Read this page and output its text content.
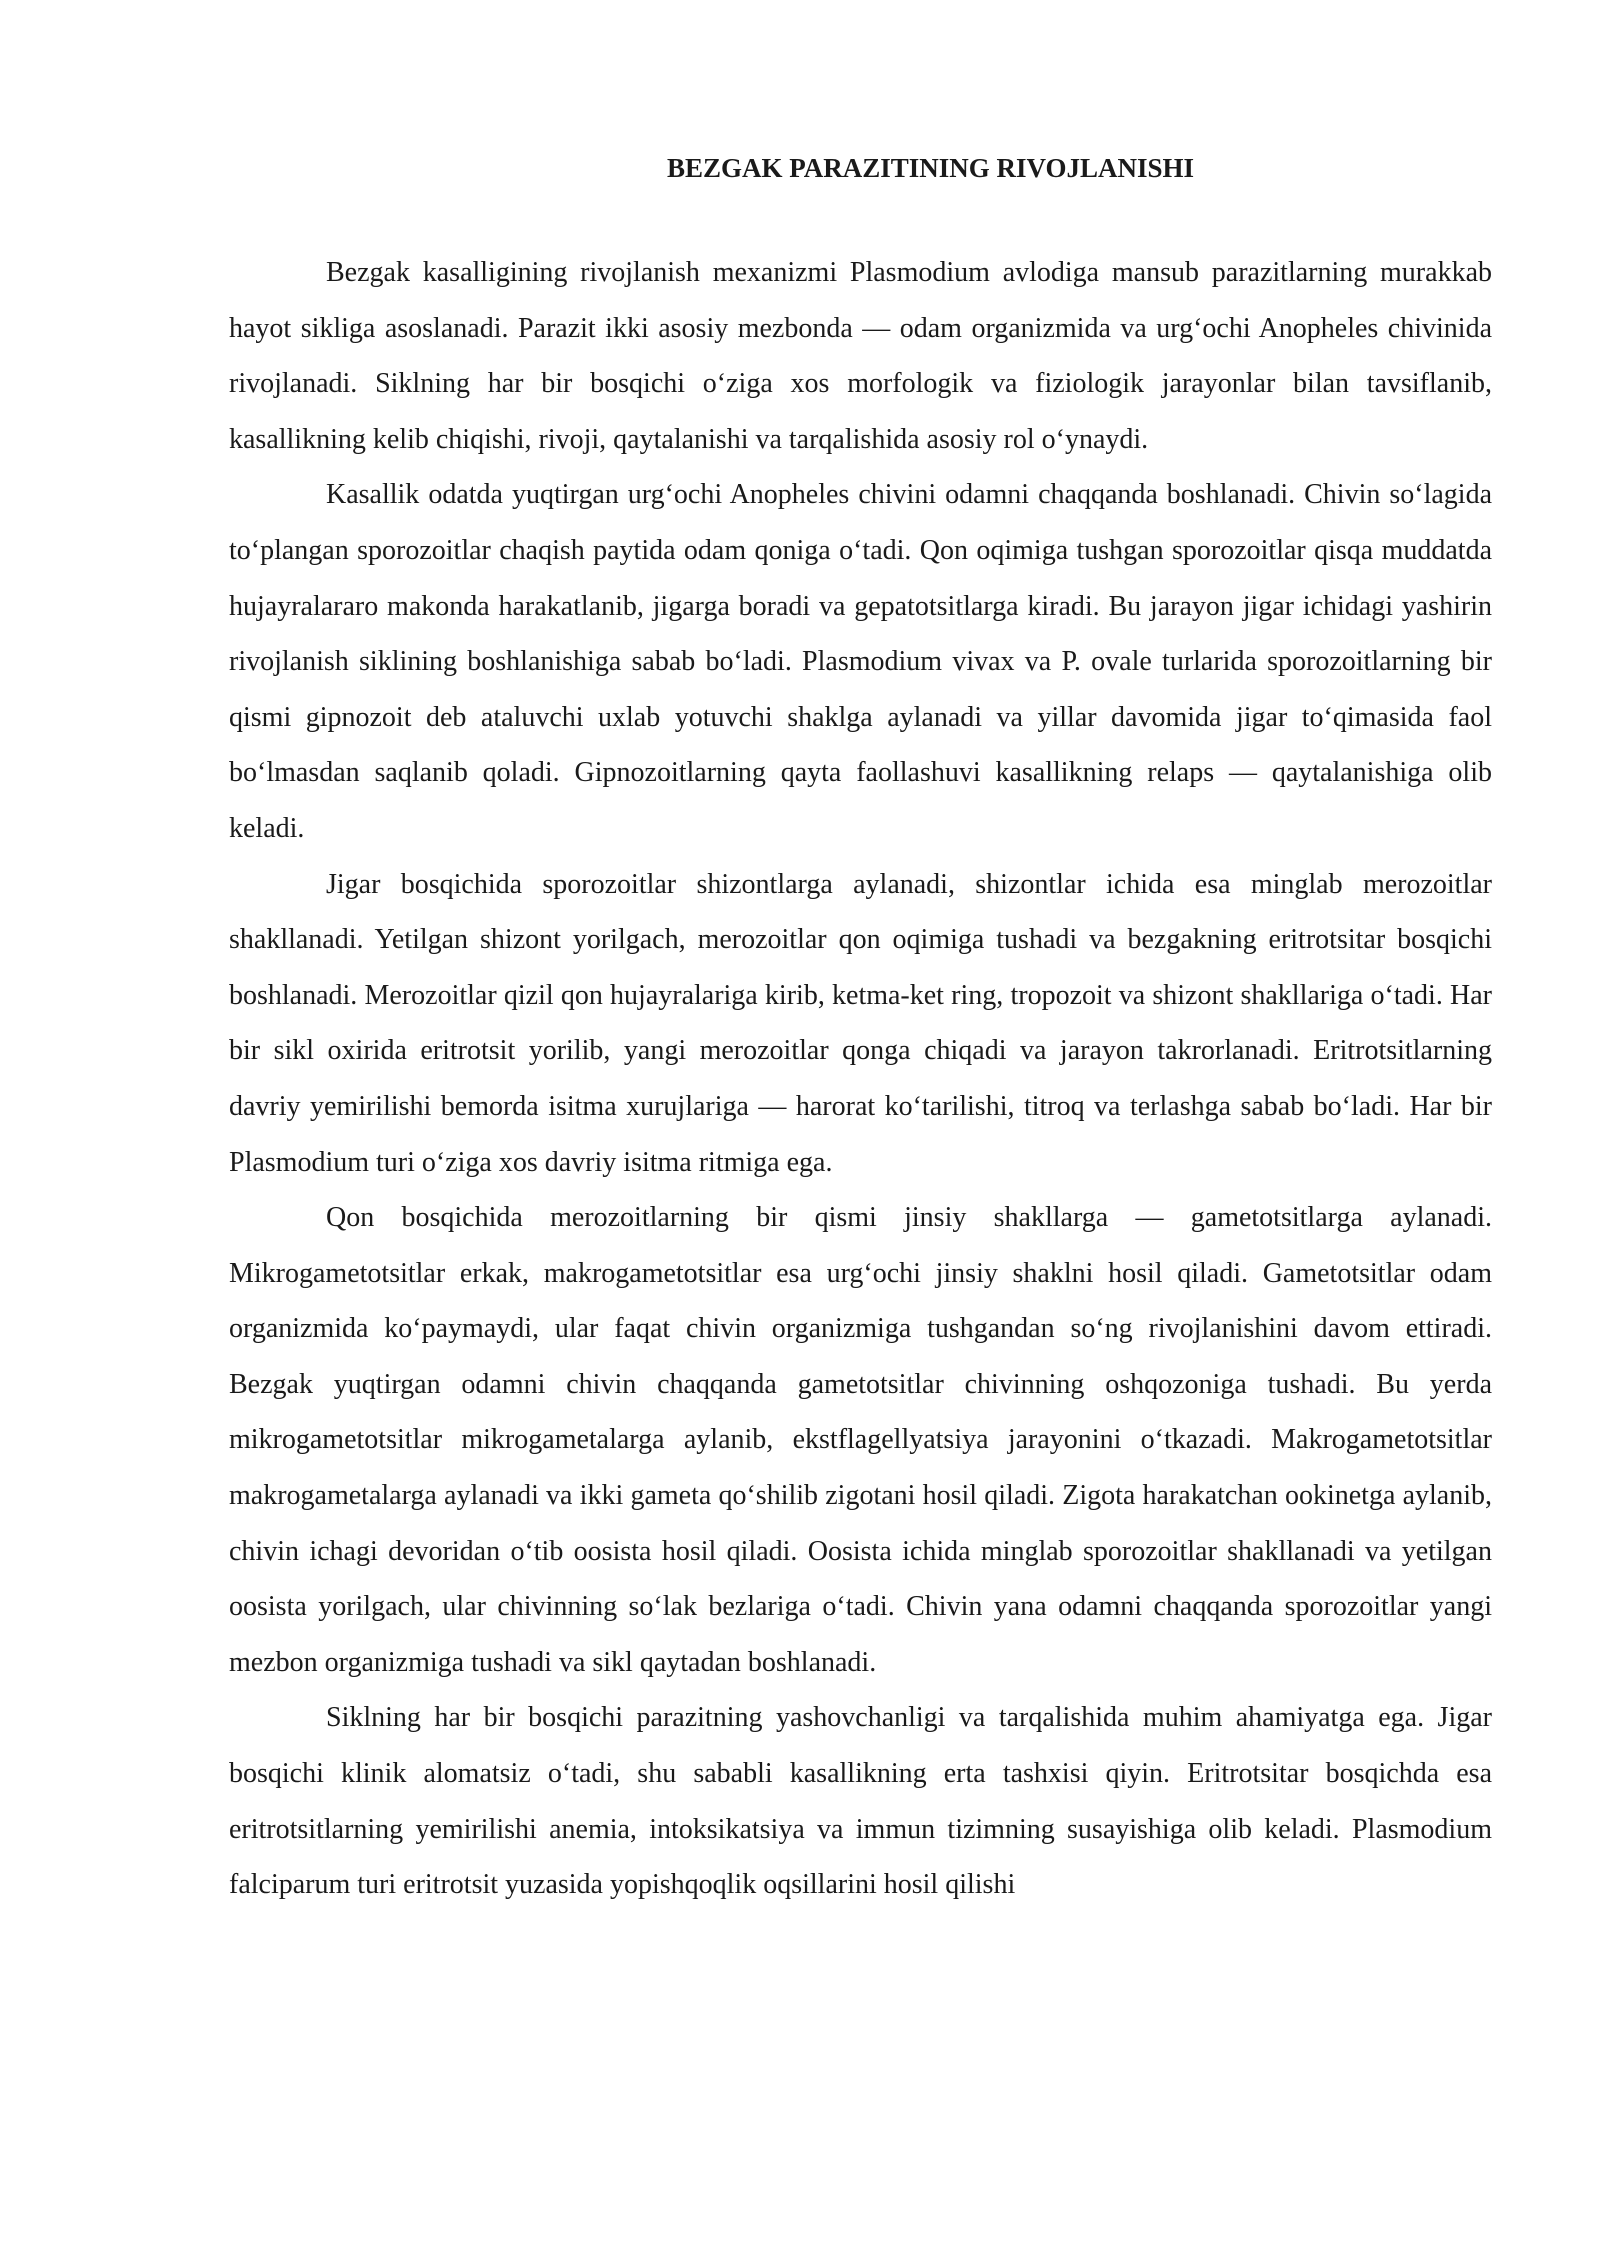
BEZGAK PARAZITINING RIVOJLANISHI

Bezgak kasalligining rivojlanish mexanizmi Plasmodium avlodiga mansub parazitlarning murakkab hayot sikliga asoslanadi. Parazit ikki asosiy mezbonda — odam organizmida va urg‘ochi Anopheles chivinida rivojlanadi. Siklning har bir bosqichi o‘ziga xos morfologik va fiziologik jarayonlar bilan tavsiflanib, kasallikning kelib chiqishi, rivoji, qaytalanishi va tarqalishida asosiy rol o‘ynaydi.

Kasallik odatda yuqtirgan urg‘ochi Anopheles chivini odamni chaqqanda boshlanadi. Chivin so‘lagida to‘plangan sporozoitlar chaqish paytida odam qoniga o‘tadi. Qon oqimiga tushgan sporozoitlar qisqa muddatda hujayralararo makonda harakatlanib, jigarga boradi va gepatotsitlarga kiradi. Bu jarayon jigar ichidagi yashirin rivojlanish siklining boshlanishiga sabab bo‘ladi. Plasmodium vivax va P. ovale turlarida sporozoitlarning bir qismi gipnozoit deb ataluvchi uxlab yotuvchi shaklga aylanadi va yillar davomida jigar to‘qimasida faol bo‘lmasdan saqlanib qoladi. Gipnozoitlarning qayta faollashuvi kasallikning relaps — qaytalanishiga olib keladi.

Jigar bosqichida sporozoitlar shizontlarga aylanadi, shizontlar ichida esa minglab merozoitlar shakllanadi. Yetilgan shizont yorilgach, merozoitlar qon oqimiga tushadi va bezgakning eritrotsitar bosqichi boshlanadi. Merozoitlar qizil qon hujayralariga kirib, ketma-ket ring, tropozoit va shizont shakllariga o‘tadi. Har bir sikl oxirida eritrotsit yorilib, yangi merozoitlar qonga chiqadi va jarayon takrorlanadi. Eritrotsitlarning davriy yemirilishi bemorda isitma xurujlariga — harorat ko‘tarilishi, titroq va terlashga sabab bo‘ladi. Har bir Plasmodium turi o‘ziga xos davriy isitma ritmiga ega.

Qon bosqichida merozoitlarning bir qismi jinsiy shakllarga — gametotsitlarga aylanadi. Mikrogametotsitlar erkak, makrogametotsitlar esa urg‘ochi jinsiy shaklni hosil qiladi. Gametotsitlar odam organizmida ko‘paymaydi, ular faqat chivin organizmiga tushgandan so‘ng rivojlanishini davom ettiradi. Bezgak yuqtirgan odamni chivin chaqqanda gametotsitlar chivinning oshqozoniga tushadi. Bu yerda mikrogametotsitlar mikrogametalarga aylanib, ekstflagellyatsiya jarayonini o‘tkazadi. Makrogametotsitlar makrogametalarga aylanadi va ikki gameta qo‘shilib zigotani hosil qiladi. Zigota harakatchan ookinetga aylanib, chivin ichagi devoridan o‘tib oosista hosil qiladi. Oosista ichida minglab sporozoitlar shakllanadi va yetilgan oosista yorilgach, ular chivinning so‘lak bezlariga o‘tadi. Chivin yana odamni chaqqanda sporozoitlar yangi mezbon organizmiga tushadi va sikl qaytadan boshlanadi.

Siklning har bir bosqichi parazitning yashovchanligi va tarqalishida muhim ahamiyatga ega. Jigar bosqichi klinik alomatsiz o‘tadi, shu sababli kasallikning erta tashxisi qiyin. Eritrotsitar bosqichda esa eritrotsitlarning yemirilishi anemia, intoksikatsiya va immun tizimning susayishiga olib keladi. Plasmodium falciparum turi eritrotsit yuzasida yopishqoqlik oqsillarini hosil qilishi
